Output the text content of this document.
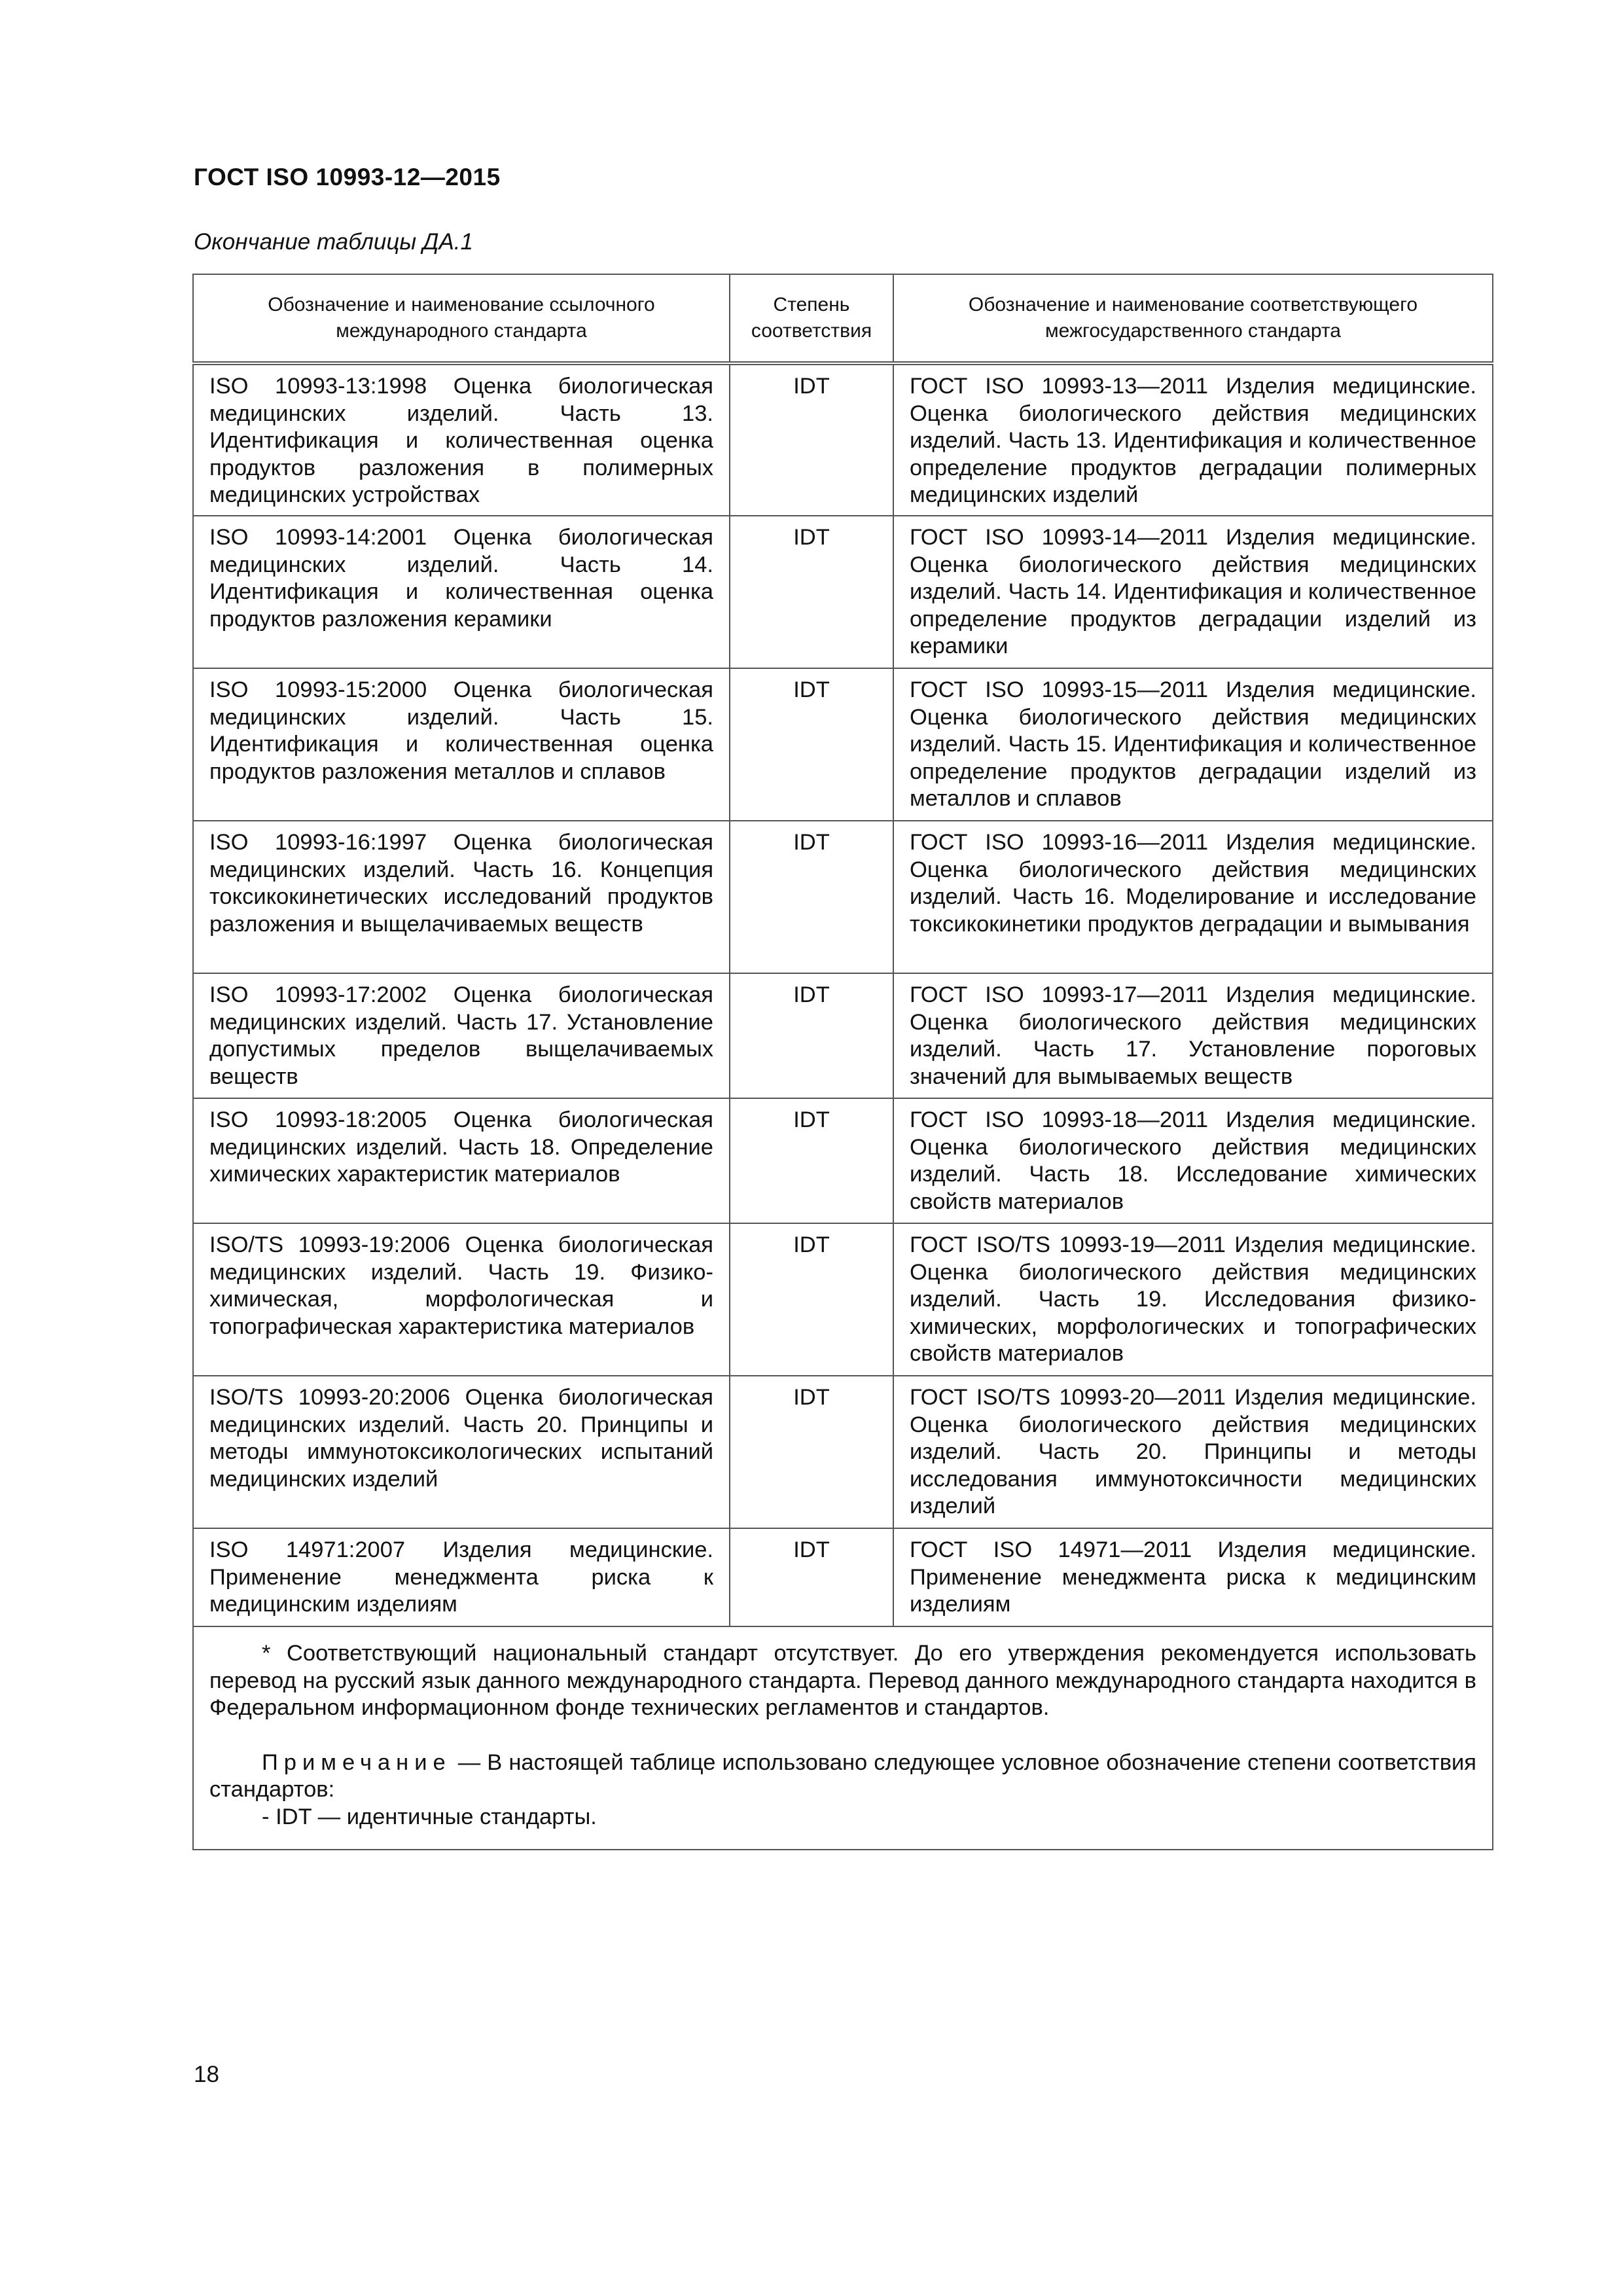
ГОСТ ISO 10993-12—2015
Окончание таблицы ДА.1
Обозначение и наименование ссылочного международного стандарта	Степень соответствия	Обозначение и наименование соответствующего межгосударственного стандарта
ISO 10993-13:1998 Оценка биологическая медицинских изделий. Часть 13. Идентификация и количественная оценка продуктов разложения в полимерных медицинских устройствах	IDT	ГОСТ ISO 10993-13—2011 Изделия медицинские. Оценка биологического действия медицинских изделий. Часть 13. Идентификация и количественное определение продуктов деградации полимерных медицинских изделий
ISO 10993-14:2001 Оценка биологическая медицинских изделий. Часть 14. Идентификация и количественная оценка продуктов разложения керамики	IDT	ГОСТ ISO 10993-14—2011 Изделия медицинские. Оценка биологического действия медицинских изделий. Часть 14. Идентификация и количественное определение продуктов деградации изделий из керамики
ISO 10993-15:2000 Оценка биологическая медицинских изделий. Часть 15. Идентификация и количественная оценка продуктов разложения металлов и сплавов	IDT	ГОСТ ISO 10993-15—2011 Изделия медицинские. Оценка биологического действия медицинских изделий. Часть 15. Идентификация и количественное определение продуктов деградации изделий из металлов и сплавов
ISO 10993-16:1997 Оценка биологическая медицинских изделий. Часть 16. Концепция токсикокинетических исследований продуктов разложения и выщелачиваемых веществ	IDT	ГОСТ ISO 10993-16—2011 Изделия медицинские. Оценка биологического действия медицинских изделий. Часть 16. Моделирование и исследование токсикокинетики продуктов деградации и вымывания
ISO 10993-17:2002 Оценка биологическая медицинских изделий. Часть 17. Установление допустимых пределов выщелачиваемых веществ	IDT	ГОСТ ISO 10993-17—2011 Изделия медицинские. Оценка биологического действия медицинских изделий. Часть 17. Установление пороговых значений для вымываемых веществ
ISO 10993-18:2005 Оценка биологическая медицинских изделий. Часть 18. Определение химических характеристик материалов	IDT	ГОСТ ISO 10993-18—2011 Изделия медицинские. Оценка биологического действия медицинских изделий. Часть 18. Исследование химических свойств материалов
ISO/TS 10993-19:2006 Оценка биологическая медицинских изделий. Часть 19. Физико-химическая, морфологическая и топографическая характеристика материалов	IDT	ГОСТ ISO/TS 10993-19—2011 Изделия медицинские. Оценка биологического действия медицинских изделий. Часть 19. Исследования физико-химических, морфологических и топографических свойств материалов
ISO/TS 10993-20:2006 Оценка биологическая медицинских изделий. Часть 20. Принципы и методы иммунотоксикологических испытаний медицинских изделий	IDT	ГОСТ ISO/TS 10993-20—2011 Изделия медицинские. Оценка биологического действия медицинских изделий. Часть 20. Принципы и методы исследования иммунотоксичности медицинских изделий
ISO 14971:2007 Изделия медицинские. Применение менеджмента риска к медицинским изделиям	IDT	ГОСТ ISO 14971—2011 Изделия медицинские. Применение менеджмента риска к медицинским изделиям

* Соответствующий национальный стандарт отсутствует. До его утверждения рекомендуется использовать перевод на русский язык данного международного стандарта. Перевод данного международного стандарта находится в Федеральном информационном фонде технических регламентов и стандартов.

Примечание — В настоящей таблице использовано следующее условное обозначение степени соответствия стандартов:

- IDT — идентичные стандарты.		

18
